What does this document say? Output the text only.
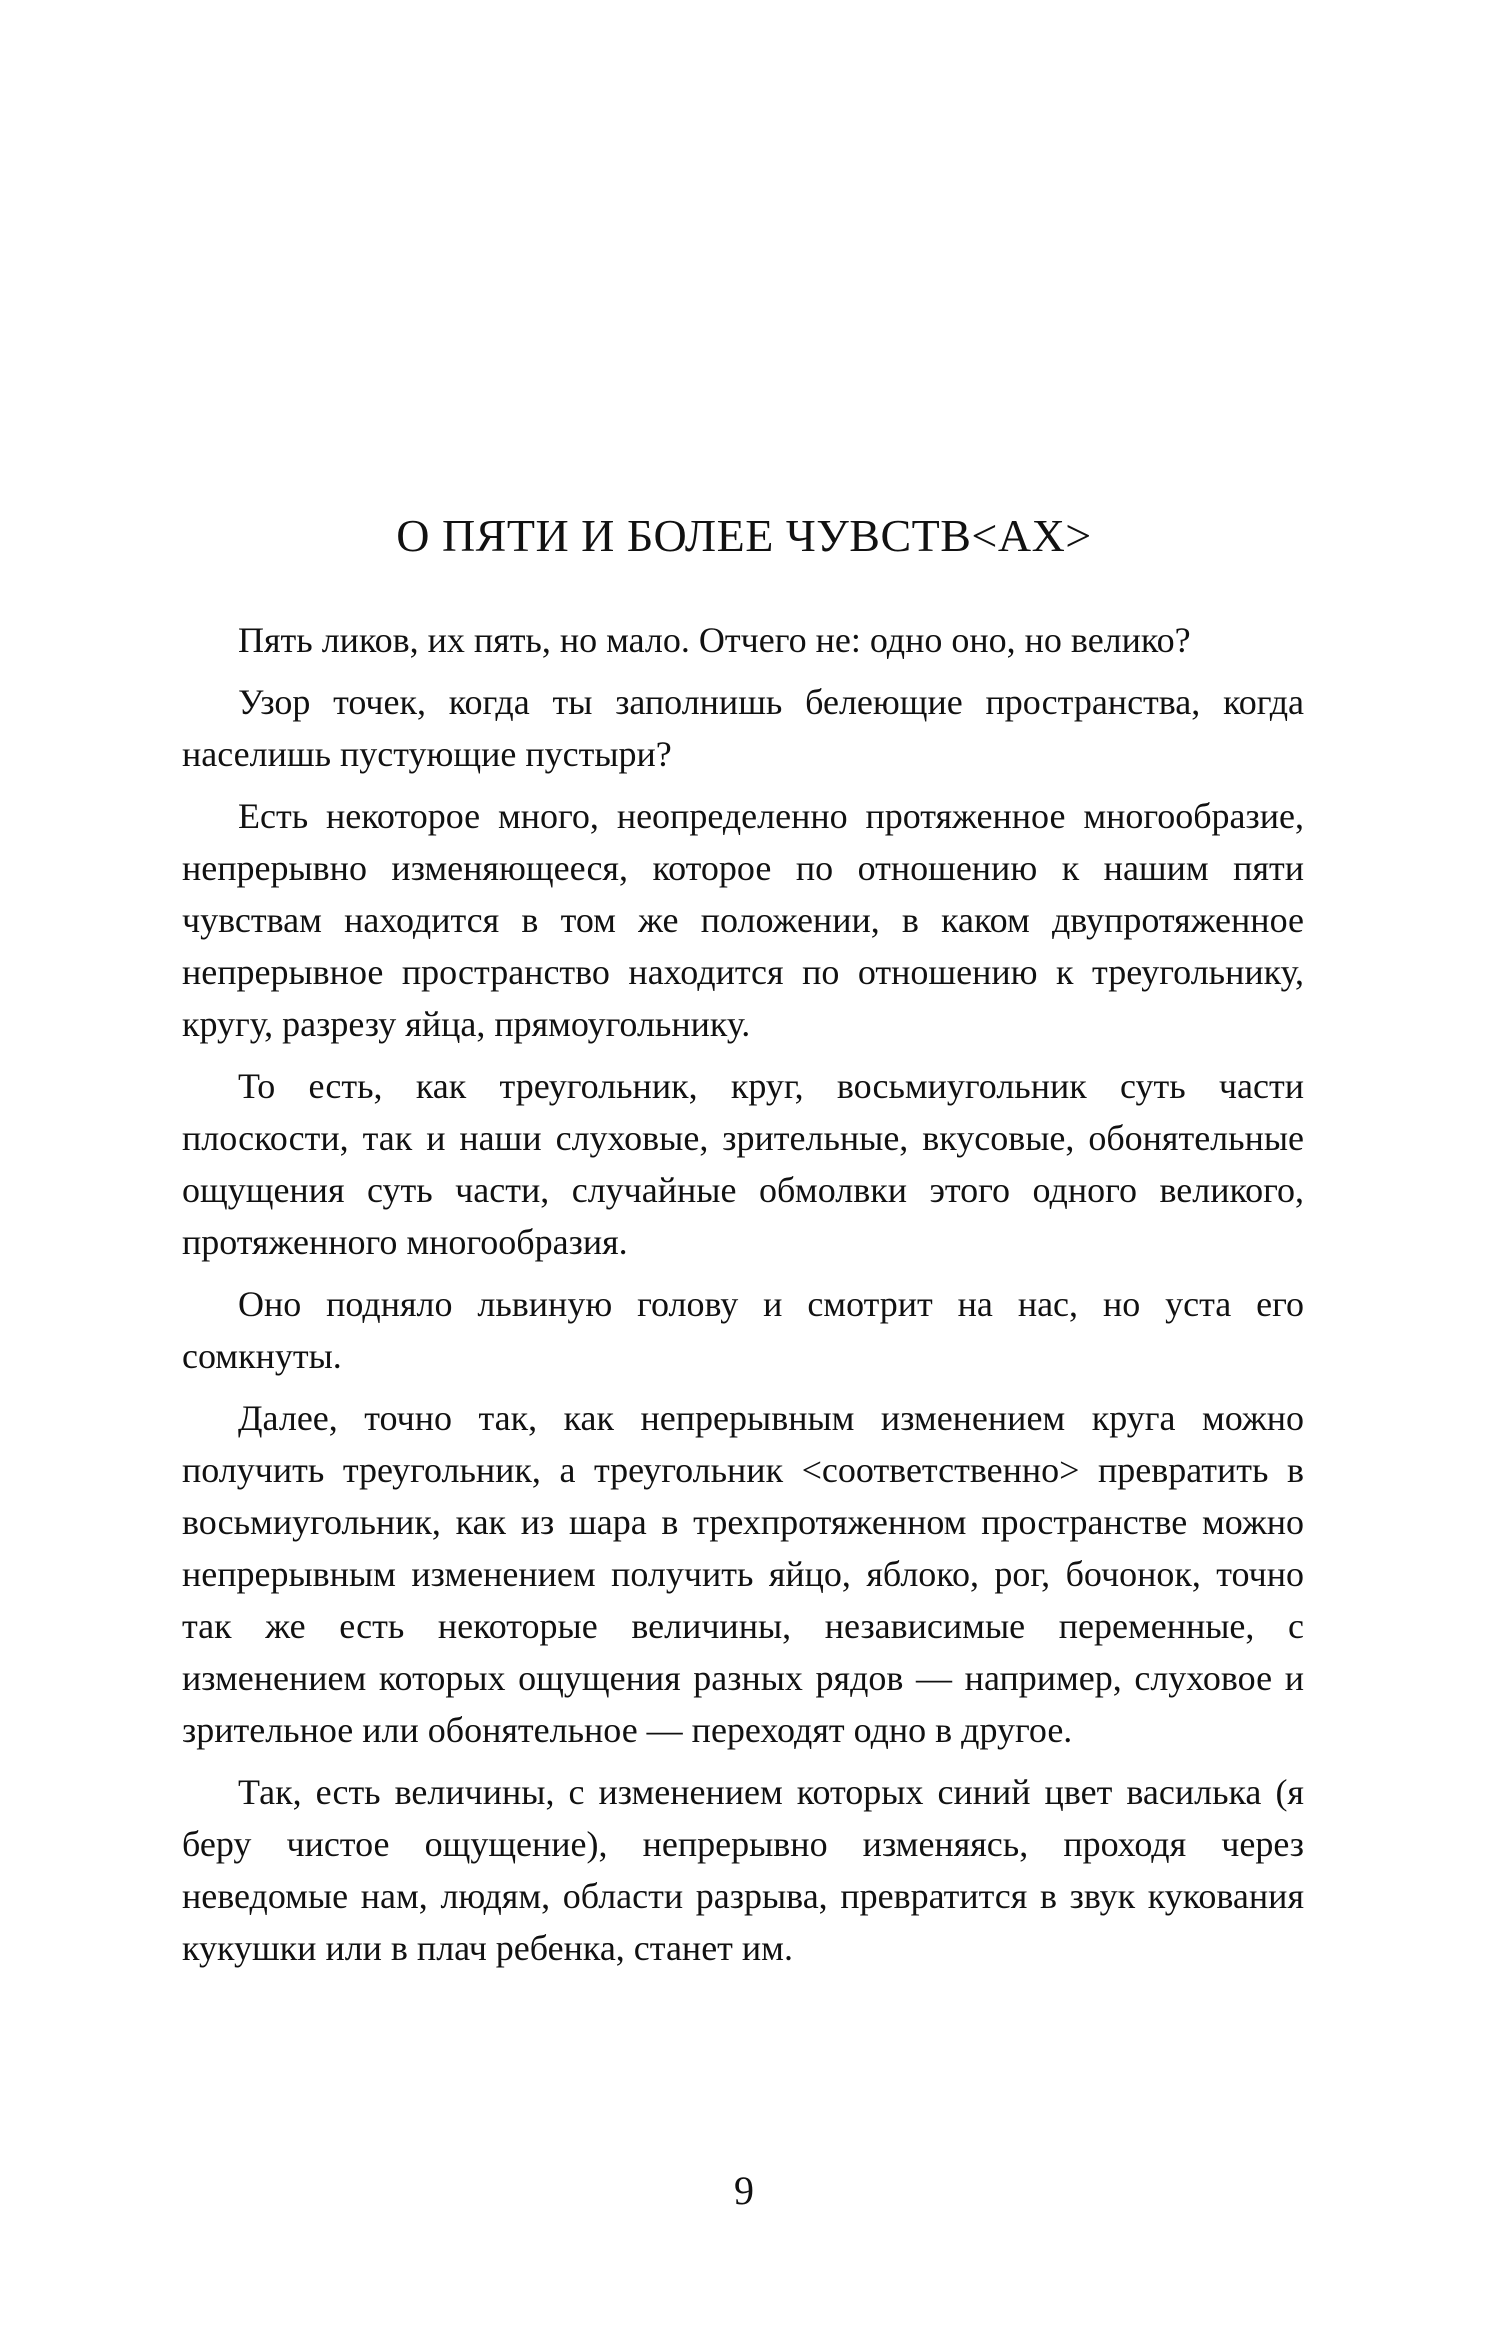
О ПЯТИ И БОЛЕЕ ЧУВСТВ<АХ>

Пять ликов, их пять, но мало. Отчего не: одно оно, но велико?

Узор точек, когда ты заполнишь белеющие пространства, когда населишь пустующие пустыри?

Есть некоторое много, неопределенно протяженное многообразие, непрерывно изменяющееся, которое по отношению к нашим пяти чувствам находится в том же положении, в каком двупротяженное непрерывное пространство находится по отношению к треугольнику, кругу, разрезу яйца, прямоугольнику.

То есть, как треугольник, круг, восьмиугольник суть части плоскости, так и наши слуховые, зрительные, вкусовые, обонятельные ощущения суть части, случайные обмолвки этого одного великого, протяженного многообразия.

Оно подняло львиную голову и смотрит на нас, но уста его сомкнуты.

Далее, точно так, как непрерывным изменением круга можно получить треугольник, а треугольник <соответственно> превратить в восьмиугольник, как из шара в трехпротяженном пространстве можно непрерывным изменением получить яйцо, яблоко, рог, бочонок, точно так же есть некоторые величины, независимые переменные, с изменением которых ощущения разных рядов — например, слуховое и зрительное или обонятельное — переходят одно в другое.

Так, есть величины, с изменением которых синий цвет василька (я беру чистое ощущение), непрерывно изменяясь, проходя через неведомые нам, людям, области разрыва, превратится в звук кукования кукушки или в плач ребенка, станет им.

9
